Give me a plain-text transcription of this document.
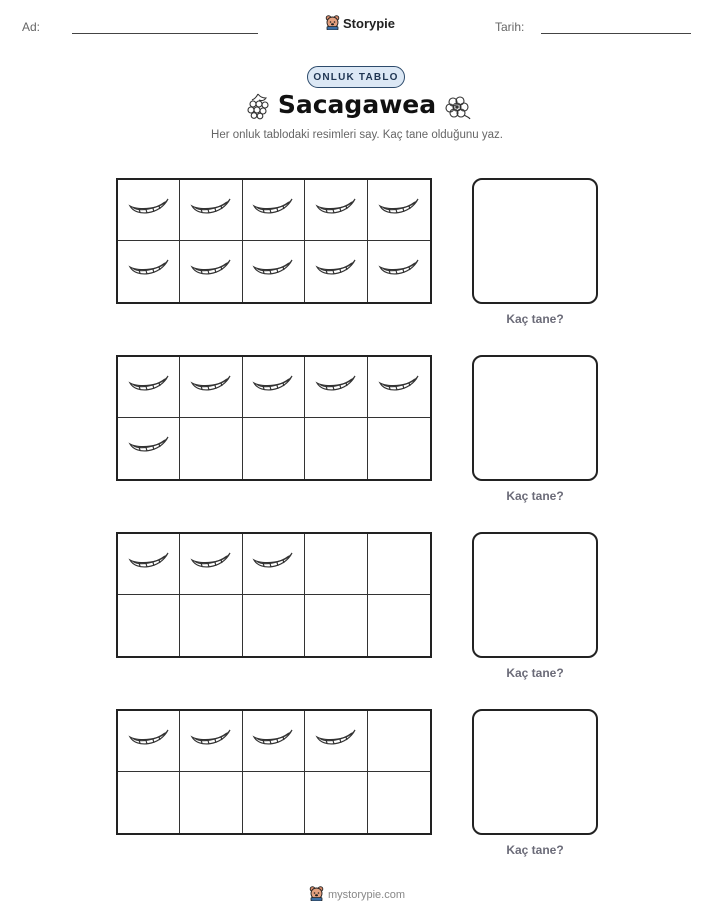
Ad:	Storypie	Tarih:
ONLUK TABLO
Sacagawea
Her onluk tablodaki resimleri say. Kaç tane olduğunu yaz.
Kaç tane?
Kaç tane?
Kaç tane?
Kaç tane?
mystorypie.com
